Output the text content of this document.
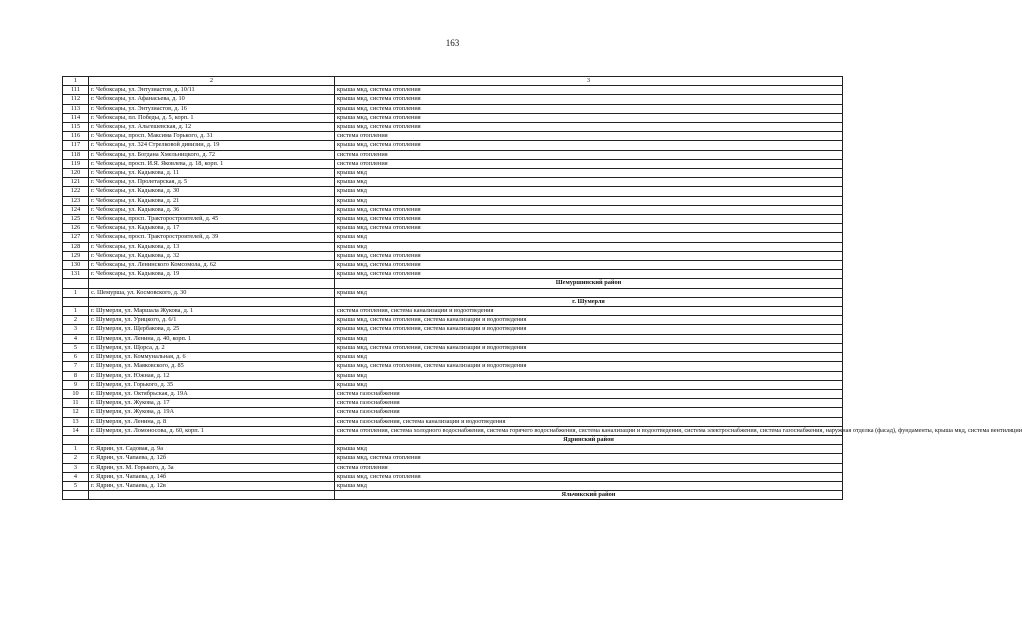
163
1	2	3
111	г. Чебоксары, ул. Энтузиастов, д. 10/11	крыша мкд, система отопления
112	г. Чебоксары, ул. Афанасьева, д. 10	крыша мкд, система отопления
113	г. Чебоксары, ул. Энтузиастов, д. 16	крыша мкд, система отопления
114	г. Чебоксары, пл. Победы, д. 5, корп. 1	крыша мкд, система отопления
115	г. Чебоксары, ул. Альгешевская, д. 12	крыша мкд, система отопления
116	г. Чебоксары, просп. Максима Горького, д. 31	система отопления
117	г. Чебоксары, ул. 324 Стрелковой дивизии, д. 19	крыша мкд, система отопления
118	г. Чебоксары, ул. Богдана Хмельницкого, д. 72	система отопления
119	г. Чебоксары, просп. И.Я. Яковлева, д. 18, корп. 1	система отопления
120	г. Чебоксары, ул. Кадыкова, д. 11	крыша мкд
121	г. Чебоксары, ул. Пролетарская, д. 5	крыша мкд
122	г. Чебоксары, ул. Кадыкова, д. 30	крыша мкд
123	г. Чебоксары, ул. Кадыкова, д. 21	крыша мкд
124	г. Чебоксары, ул. Кадыкова, д. 36	крыша мкд, система отопления
125	г. Чебоксары, просп. Тракторостроителей, д. 45	крыша мкд, система отопления
126	г. Чебоксары, ул. Кадыкова, д. 17	крыша мкд, система отопления
127	г. Чебоксары, просп. Тракторостроителей, д. 39	крыша мкд
128	г. Чебоксары, ул. Кадыкова, д. 13	крыша мкд
129	г. Чебоксары, ул. Кадыкова, д. 32	крыша мкд, система отопления
130	г. Чебоксары, ул. Ленинского Комсомола, д. 62	крыша мкд, система отопления
131	г. Чебоксары, ул. Кадыкова, д. 19	крыша мкд, система отопления
		Шемуршинский район
1	с. Шемурша, ул. Космовского, д. 30	крыша мкд
		г. Шумерля
1	г. Шумерля, ул. Маршала Жукова, д. 1	система отопления, система канализации и водоотведения
2	г. Шумерля, ул. Урицкого, д. 6/1	крыша мкд, система отопления, система канализации и водоотведения
3	г. Шумерля, ул. Щербакова, д. 25	крыша мкд, система отопления, система канализации и водоотведения
4	г. Шумерля, ул. Ленина, д. 40, корп. 1	крыша мкд
5	г. Шумерля, ул. Щорса, д. 2	крыша мкд, система отопления, система канализации и водоотведения
6	г. Шумерля, ул. Коммунальная, д. 6	крыша мкд
7	г. Шумерля, ул. Маяковского, д. 85	крыша мкд, система отопления, система канализации и водоотведения
8	г. Шумерля, ул. Южная, д. 12	крыша мкд
9	г. Шумерля, ул. Горького, д. 35	крыша мкд
10	г. Шумерля, ул. Октябрьская, д. 19А	система газоснабжения
11	г. Шумерля, ул. Жукова, д. 17	система газоснабжения
12	г. Шумерля, ул. Жукова, д. 19А	система газоснабжения
13	г. Шумерля, ул. Ленина, д. 8	система газоснабжения, система канализации и водоотведения
14	г. Шумерля, ул. Ломоносова, д. 60, корп. 1	система отопления, система холодного водоснабжения, система горячего водоснабжения, система канализации и водоотведения, система электроснабжения, система газоснабжения, наружная отделка (фасад), фундаменты, крыша мкд, система вентиляции
		Ядринский район
1	г. Ядрин, ул. Садовая, д. 9а	крыша мкд
2	г. Ядрин, ул. Чапаева, д. 12б	крыша мкд, система отопления
3	г. Ядрин, ул. М. Горького, д. 3а	система отопления
4	г. Ядрин, ул. Чапаева, д. 14б	крыша мкд, система отопления
5	г. Ядрин, ул. Чапаева, д. 12в	крыша мкд
		Яльчикский район
